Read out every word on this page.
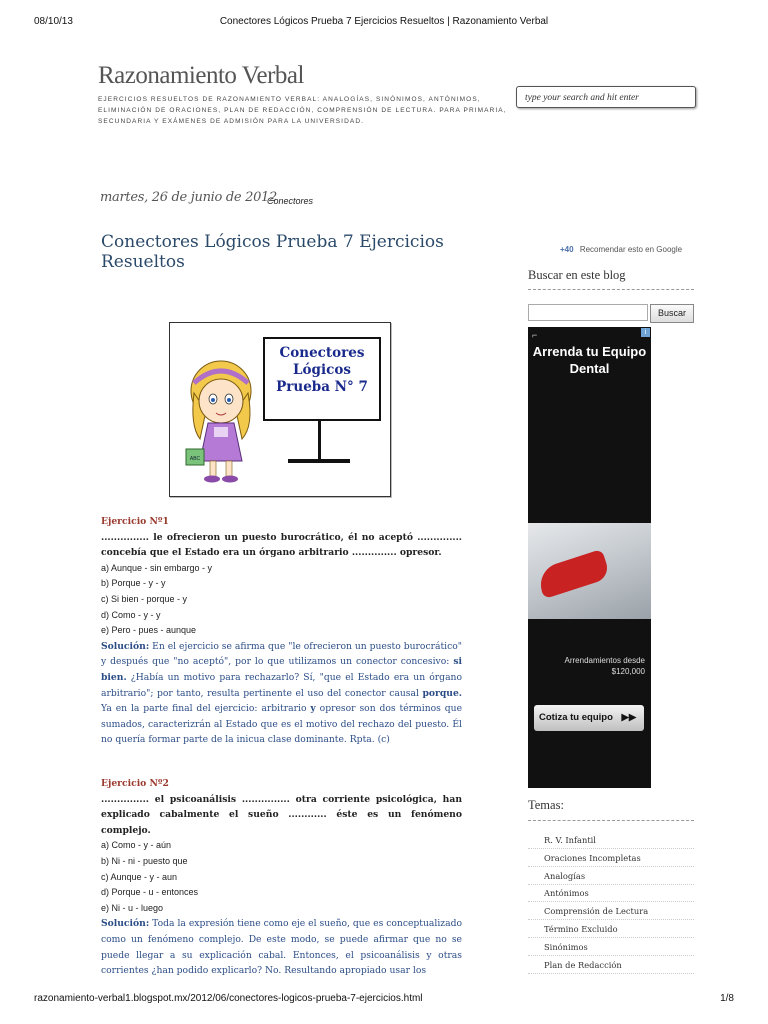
08/10/13	Conectores Lógicos Prueba 7 Ejercicios Resueltos | Razonamiento Verbal
Razonamiento Verbal
EJERCICIOS RESUELTOS DE RAZONAMIENTO VERBAL: ANALOGÍAS, SINÓNIMOS, ANTÓNIMOS, ELIMINACIÓN DE ORACIONES, PLAN DE REDACCIÓN, COMPRENSIÓN DE LECTURA. PARA PRIMARIA, SECUNDARIA Y EXÁMENES DE ADMISIÓN PARA LA UNIVERSIDAD.
type your search and hit enter
martes, 26 de junio de 2012
Conectores
Conectores Lógicos Prueba 7 Ejercicios Resueltos
ABC
Conectores
Lógicos
Prueba N° 7
Ejercicio Nº1
............... le ofrecieron un puesto burocrático, él no aceptó .............. concebía que el Estado era un órgano arbitrario .............. opresor.
a) Aunque - sin embargo - y
b) Porque - y - y
c) Si bien - porque - y
d) Como - y - y
e) Pero - pues - aunque
Solución: En el ejercicio se afirma que "le ofrecieron un puesto burocrático" y después que "no aceptó", por lo que utilizamos un conector concesivo: si bien. ¿Había un motivo para rechazarlo? Sí, "que el Estado era un órgano arbitrario"; por tanto, resulta pertinente el uso del conector causal porque. Ya en la parte final del ejercicio: arbitrario y opresor son dos términos que sumados, caracterizrán al Estado que es el motivo del rechazo del puesto. Él no quería formar parte de la inicua clase dominante. Rpta. (c)
Ejercicio Nº2
............... el psicoanálisis ............... otra corriente psicológica, han explicado cabalmente el sueño ............ éste es un fenómeno complejo.
a) Como - y - aún
b) Ni - ni - puesto que
c) Aunque - y - aun
d) Porque - u - entonces
e) Ni - u - luego
Solución: Toda la expresión tiene como eje el sueño, que es conceptualizado como un fenómeno complejo. De este modo, se puede afirmar que no se puede llegar a su explicación cabal. Entonces, el psicoanálisis y otras corrientes ¿han podido explicarlo? No. Resultando apropiado usar los
+40 Recomendar esto en Google
Buscar en este blog
Buscar
⌐	i
Arrenda tu Equipo Dental
Arrendamientos desde
$120,000
Cotiza tu equipo ▶▶
Temas:
R. V. Infantil
Oraciones Incompletas
Analogías
Antónimos
Comprensión de Lectura
Término Excluido
Sinónimos
Plan de Redacción
razonamiento-verbal1.blogspot.mx/2012/06/conectores-logicos-prueba-7-ejercicios.html	1/8
